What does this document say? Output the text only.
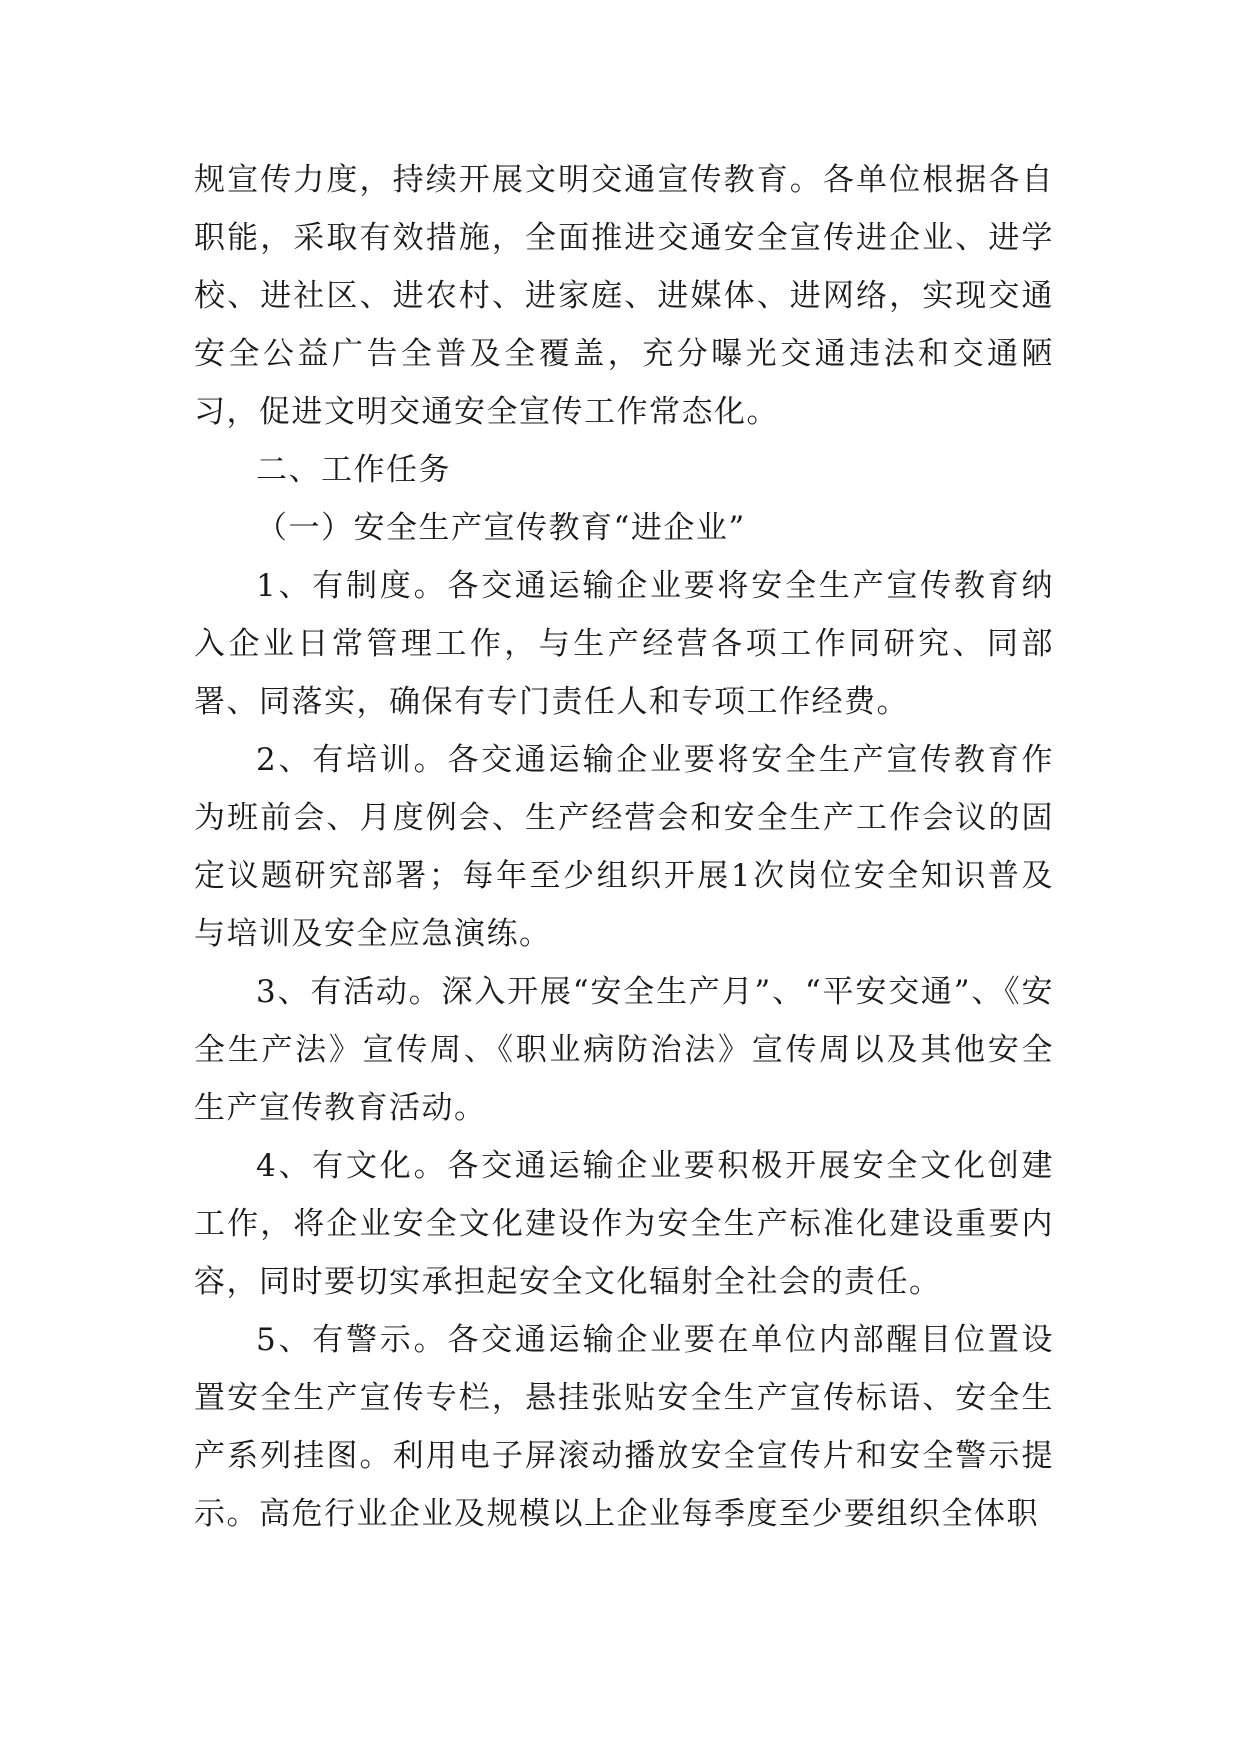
规宣传力度，持续开展文明交通宣传教育。各单位根据各自职能，采取有效措施，全面推进交通安全宣传进企业、进学校、进社区、进农村、进家庭、进媒体、进网络，实现交通安全公益广告全普及全覆盖，充分曝光交通违法和交通陋习，促进文明交通安全宣传工作常态化。

二、工作任务

（一）安全生产宣传教育“进企业”

1、有制度。各交通运输企业要将安全生产宣传教育纳入企业日常管理工作，与生产经营各项工作同研究、同部署、同落实，确保有专门责任人和专项工作经费。

2、有培训。各交通运输企业要将安全生产宣传教育作为班前会、月度例会、生产经营会和安全生产工作会议的固定议题研究部署；每年至少组织开展1次岗位安全知识普及与培训及安全应急演练。

3、有活动。深入开展“安全生产月”、“平安交通”、《安全生产法》宣传周、《职业病防治法》宣传周以及其他安全生产宣传教育活动。

4、有文化。各交通运输企业要积极开展安全文化创建工作，将企业安全文化建设作为安全生产标准化建设重要内容，同时要切实承担起安全文化辐射全社会的责任。

5、有警示。各交通运输企业要在单位内部醒目位置设置安全生产宣传专栏，悬挂张贴安全生产宣传标语、安全生产系列挂图。利用电子屏滚动播放安全宣传片和安全警示提示。高危行业企业及规模以上企业每季度至少要组织全体职
